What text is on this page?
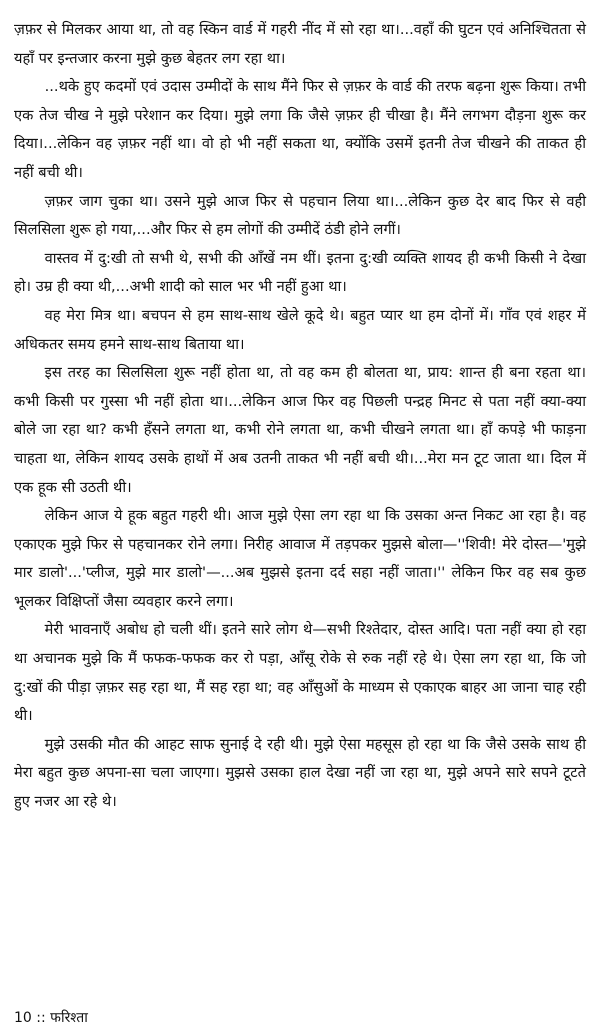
ज़फ़र से मिलकर आया था, तो वह स्किन वार्ड में गहरी नींद में सो रहा था।...वहाँ की घुटन एवं अनिश्चितता से यहाँ पर इन्तजार करना मुझे कुछ बेहतर लग रहा था।

...थके हुए कदमों एवं उदास उम्मीदों के साथ मैंने फिर से ज़फ़र के वार्ड की तरफ बढ़ना शुरू किया। तभी एक तेज चीख ने मुझे परेशान कर दिया। मुझे लगा कि जैसे ज़फ़र ही चीखा है। मैंने लगभग दौड़ना शुरू कर दिया।...लेकिन वह ज़फ़र नहीं था। वो हो भी नहीं सकता था, क्योंकि उसमें इतनी तेज चीखने की ताकत ही नहीं बची थी।

ज़फ़र जाग चुका था। उसने मुझे आज फिर से पहचान लिया था।...लेकिन कुछ देर बाद फिर से वही सिलसिला शुरू हो गया,...और फिर से हम लोगों की उम्मीदें ठंडी होने लगीं।

वास्तव में दु:खी तो सभी थे, सभी की आँखें नम थीं। इतना दु:खी व्यक्ति शायद ही कभी किसी ने देखा हो। उम्र ही क्या थी,...अभी शादी को साल भर भी नहीं हुआ था।

वह मेरा मित्र था। बचपन से हम साथ-साथ खेले कूदे थे। बहुत प्यार था हम दोनों में। गाँव एवं शहर में अधिकतर समय हमने साथ-साथ बिताया था।

इस तरह का सिलसिला शुरू नहीं होता था, तो वह कम ही बोलता था, प्राय: शान्त ही बना रहता था। कभी किसी पर गुस्सा भी नहीं होता था।...लेकिन आज फिर वह पिछली पन्द्रह मिनट से पता नहीं क्या-क्या बोले जा रहा था? कभी हँसने लगता था, कभी रोने लगता था, कभी चीखने लगता था। हाँ कपड़े भी फाड़ना चाहता था, लेकिन शायद उसके हाथों में अब उतनी ताकत भी नहीं बची थी।...मेरा मन टूट जाता था। दिल में एक हूक सी उठती थी।

लेकिन आज ये हूक बहुत गहरी थी। आज मुझे ऐसा लग रहा था कि उसका अन्त निकट आ रहा है। वह एकाएक मुझे फिर से पहचानकर रोने लगा। निरीह आवाज में तड़पकर मुझसे बोला—''शिवी! मेरे दोस्त—'मुझे मार डालो'...'प्लीज, मुझे मार डालो'—...अब मुझसे इतना दर्द सहा नहीं जाता।'' लेकिन फिर वह सब कुछ भूलकर विक्षिप्तों जैसा व्यवहार करने लगा।

मेरी भावनाएँ अबोध हो चली थीं। इतने सारे लोग थे—सभी रिश्तेदार, दोस्त आदि। पता नहीं क्या हो रहा था अचानक मुझे कि मैं फफक-फफक कर रो पड़ा, आँसू रोके से रुक नहीं रहे थे। ऐसा लग रहा था, कि जो दु:खों की पीड़ा ज़फ़र सह रहा था, मैं सह रहा था; वह आँसुओं के माध्यम से एकाएक बाहर आ जाना चाह रही थी।

मुझे उसकी मौत की आहट साफ सुनाई दे रही थी। मुझे ऐसा महसूस हो रहा था कि जैसे उसके साथ ही मेरा बहुत कुछ अपना-सा चला जाएगा। मुझसे उसका हाल देखा नहीं जा रहा था, मुझे अपने सारे सपने टूटते हुए नजर आ रहे थे।

10 :: फरिश्ता
